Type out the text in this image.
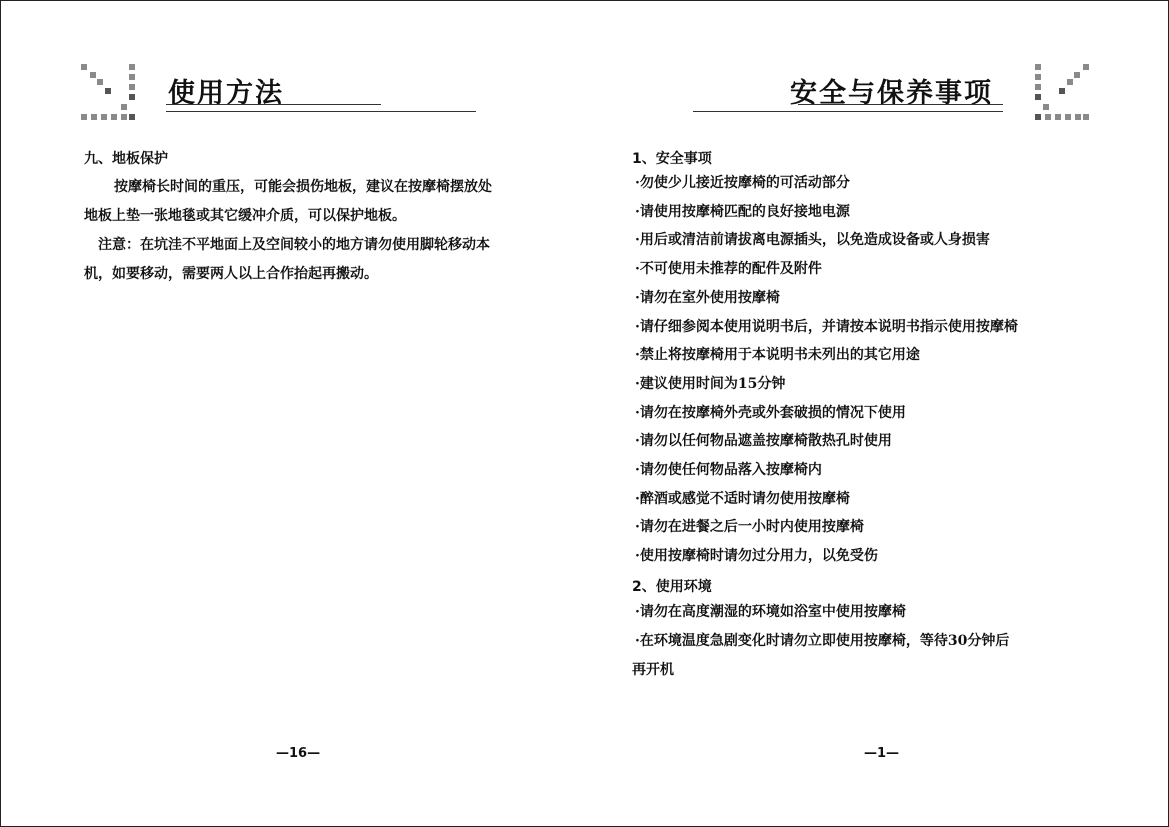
使用方法
九、地板保护
按摩椅长时间的重压，可能会损伤地板，建议在按摩椅摆放处
地板上垫一张地毯或其它缓冲介质，可以保护地板。
注意：在坑洼不平地面上及空间较小的地方请勿使用脚轮移动本
机，如要移动，需要两人以上合作抬起再搬动。
—16—
安全与保养事项
1、安全事项
·勿使少儿接近按摩椅的可活动部分
·请使用按摩椅匹配的良好接地电源
·用后或清洁前请拔离电源插头，以免造成设备或人身损害
·不可使用未推荐的配件及附件
·请勿在室外使用按摩椅
·请仔细参阅本使用说明书后，并请按本说明书指示使用按摩椅
·禁止将按摩椅用于本说明书未列出的其它用途
·建议使用时间为15分钟
·请勿在按摩椅外壳或外套破损的情况下使用
·请勿以任何物品遮盖按摩椅散热孔时使用
·请勿使任何物品落入按摩椅内
·醉酒或感觉不适时请勿使用按摩椅
·请勿在进餐之后一小时内使用按摩椅
·使用按摩椅时请勿过分用力，以免受伤
2、使用环境
·请勿在高度潮湿的环境如浴室中使用按摩椅
·在环境温度急剧变化时请勿立即使用按摩椅，等待30分钟后
再开机
—1—
